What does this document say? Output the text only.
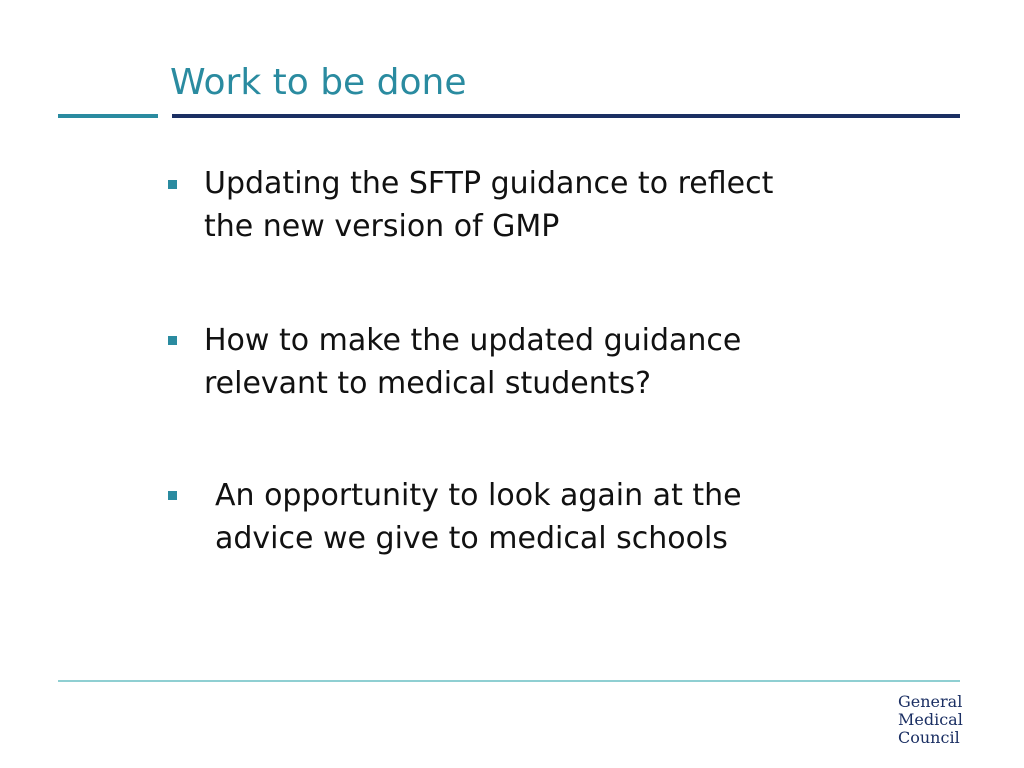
Work to be done
Updating the SFTP guidance to reflect
the new version of GMP
How to make the updated guidance
relevant to medical students?
An opportunity to look again at the
advice we give to medical schools
General
Medical
Council
